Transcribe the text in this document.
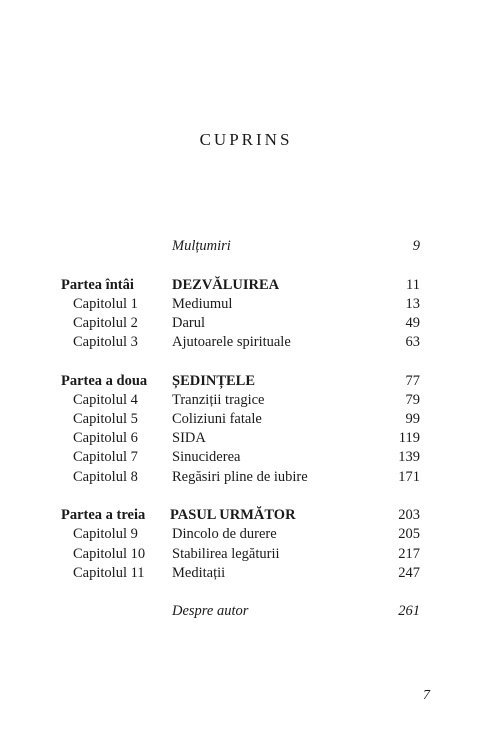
CUPRINS
Mulțumiri	9
Partea întâi	DEZVĂLUIREA	11
Capitolul 1 Mediumul	13
Capitolul 2 Darul	49
Capitolul 3 Ajutoarele spirituale	63
Partea a doua ȘEDINȚELE	77
Capitolul 4 Tranziții tragice	79
Capitolul 5 Coliziuni fatale	99
Capitolul 6 SIDA	119
Capitolul 7 Sinuciderea	139
Capitolul 8 Regăsiri pline de iubire	171
Partea a treia PASUL URMĂTOR	203
Capitolul 9 Dincolo de durere	205
Capitolul 10 Stabilirea legăturii	217
Capitolul 11 Meditații	247
Despre autor	261
7
